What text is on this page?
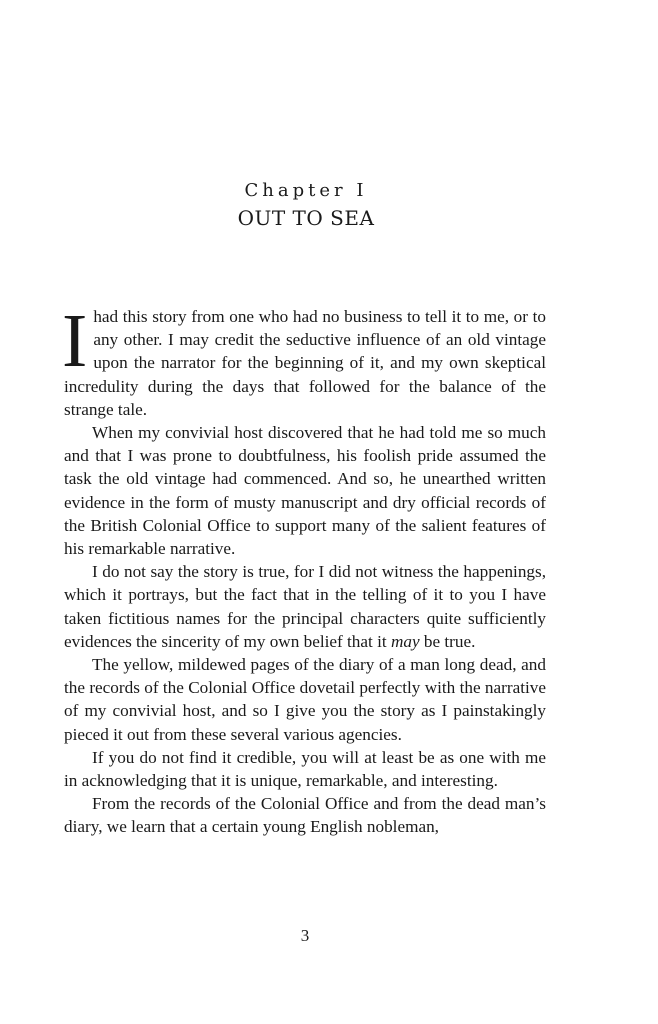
Chapter I
OUT TO SEA

Ihad this story from one who had no business to tell it to me, or to any other. I may credit the seductive influence of an old vintage upon the narrator for the beginning of it, and my own skeptical incredulity during the days that followed for the balance of the strange tale.

When my convivial host discovered that he had told me so much and that I was prone to doubtfulness, his foolish pride assumed the task the old vintage had commenced. And so, he unearthed written evidence in the form of musty manuscript and dry official records of the British Colonial Office to support many of the salient features of his remarkable narrative.

I do not say the story is true, for I did not witness the happenings, which it portrays, but the fact that in the telling of it to you I have taken fictitious names for the principal characters quite sufficiently evidences the sincerity of my own belief that it may be true.

The yellow, mildewed pages of the diary of a man long dead, and the records of the Colonial Office dovetail perfectly with the narrative of my convivial host, and so I give you the story as I painstakingly pieced it out from these several various agencies.

If you do not find it credible, you will at least be as one with me in acknowledging that it is unique, remarkable, and interesting.

From the records of the Colonial Office and from the dead man’s diary, we learn that a certain young English nobleman,

3
